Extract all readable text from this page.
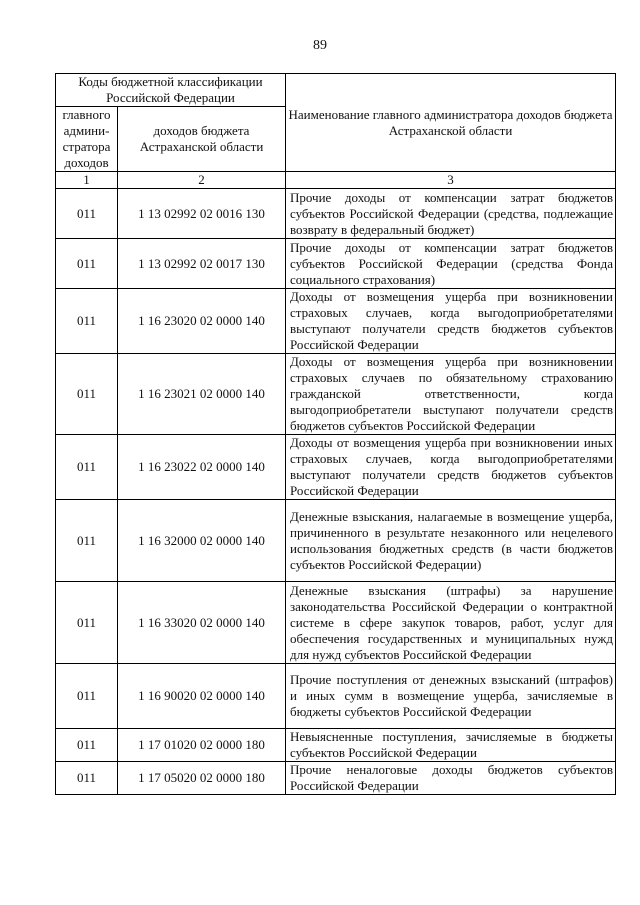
89
Коды бюджетной классификации Российской Федерации		Наименование главного администратора доходов бюджета Астраханской области
главного админи-стратора доходов	доходов бюджета Астраханской области	
1	2	3
011	1 13 02992 02 0016 130	Прочие доходы от компенсации затрат бюджетов субъектов Российской Федерации (средства, подлежащие возврату в федеральный бюджет)
011	1 13 02992 02 0017 130	Прочие доходы от компенсации затрат бюджетов субъектов Российской Федерации (средства Фонда социального страхования)
011	1 16 23020 02 0000 140	Доходы от возмещения ущерба при возникновении страховых случаев, когда выгодоприобретателями выступают получатели средств бюджетов субъектов Российской Федерации
011	1 16 23021 02 0000 140	Доходы от возмещения ущерба при возникновении страховых случаев по обязательному страхованию гражданской ответственности, когда выгодоприобретатели выступают получатели средств бюджетов субъектов Российской Федерации
011	1 16 23022 02 0000 140	Доходы от возмещения ущерба при возникновении иных страховых случаев, когда выгодоприобретателями выступают получатели средств бюджетов субъектов Российской Федерации
011	1 16 32000 02 0000 140	Денежные взыскания, налагаемые в возмещение ущерба, причиненного в результате незаконного или нецелевого использования бюджетных средств (в части бюджетов субъектов Российской Федерации)
011	1 16 33020 02 0000 140	Денежные взыскания (штрафы) за нарушение законодательства Российской Федерации о контрактной системе в сфере закупок товаров, работ, услуг для обеспечения государственных и муниципальных нужд для нужд субъектов Российской Федерации
011	1 16 90020 02 0000 140	Прочие поступления от денежных взысканий (штрафов) и иных сумм в возмещение ущерба, зачисляемые в бюджеты субъектов Российской Федерации
011	1 17 01020 02 0000 180	Невыясненные поступления, зачисляемые в бюджеты субъектов Российской Федерации
011	1 17 05020 02 0000 180	Прочие неналоговые доходы бюджетов субъектов Российской Федерации
